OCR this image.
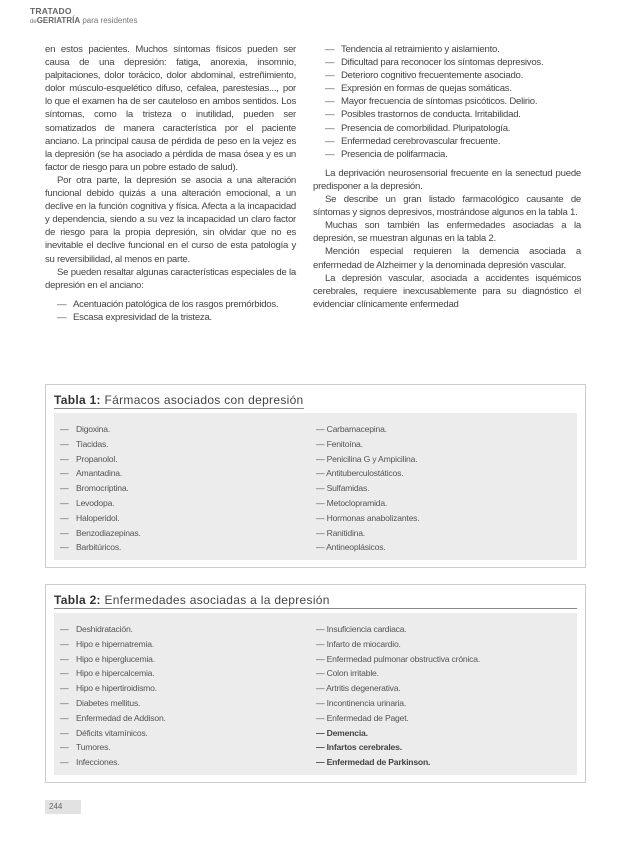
TRATADO
deGERIATRÍA para residentes

en estos pacientes. Muchos síntomas físicos pueden ser causa de una depresión: fatiga, anorexia, insomnio, palpitaciones, dolor torácico, dolor abdominal, estreñimiento, dolor músculo-esquelético difuso, cefalea, parestesias..., por lo que el examen ha de ser cauteloso en ambos sentidos. Los síntomas, como la tristeza o inutilidad, pueden ser somatizados de manera característica por el paciente anciano. La principal causa de pérdida de peso en la vejez es la depresión (se ha asociado a pérdida de masa ósea y es un factor de riesgo para un pobre estado de salud).

Por otra parte, la depresión se asocia a una alteración funcional debido quizás a una alteración emocional, a un declive en la función cognitiva y física. Afecta a la incapacidad y dependencia, siendo a su vez la incapacidad un claro factor de riesgo para la propia depresión, sin olvidar que no es inevitable el declive funcional en el curso de esta patología y su reversibilidad, al menos en parte.

Se pueden resaltar algunas características especiales de la depresión en el anciano:

— Acentuación patológica de los rasgos premórbidos.
— Escasa expresividad de la tristeza.
— Tendencia al retraimiento y aislamiento.
— Dificultad para reconocer los síntomas depresivos.
— Deterioro cognitivo frecuentemente asociado.
— Expresión en formas de quejas somáticas.
— Mayor frecuencia de síntomas psicóticos. Delirio.
— Posibles trastornos de conducta. Irritabilidad.
— Presencia de comorbilidad. Pluripatología.
— Enfermedad cerebrovascular frecuente.
— Presencia de polifarmacia.

La deprivación neurosensorial frecuente en la senectud puede predisponer a la depresión.

Se describe un gran listado farmacológico causante de síntomas y signos depresivos, mostrándose algunos en la tabla 1.

Muchas son también las enfermedades asociadas a la depresión, se muestran algunas en la tabla 2.

Mención especial requieren la demencia asociada a enfermedad de Alzheimer y la denominada depresión vascular.

La depresión vascular, asociada a accidentes isquémicos cerebrales, requiere inexcusablemente para su diagnóstico el evidenciar clínicamente enfermedad

Tabla 1: Fármacos asociados con depresión
— Digoxina.
— Tiacidas.
— Propanolol.
— Amantadina.
— Bromocriptina.
— Levodopa.
— Haloperidol.
— Benzodiazepinas.
— Barbitúricos.
— Carbamacepina.
— Fenitoína.
— Penicilina G y Ampicilina.
— Antituberculostáticos.
— Sulfamidas.
— Metoclopramida.
— Hormonas anabolizantes.
— Ranitidina.
— Antineoplásicos.
Tabla 2: Enfermedades asociadas a la depresión
— Deshidratación.
— Hipo e hipernatremia.
— Hipo e hiperglucemia.
— Hipo e hipercalcemia.
— Hipo e hipertiroidismo.
— Diabetes mellitus.
— Enfermedad de Addison.
— Déficits vitamínicos.
— Tumores.
— Infecciones.
— Insuficiencia cardiaca.
— Infarto de miocardio.
— Enfermedad pulmonar obstructiva crónica.
— Colon irritable.
— Artritis degenerativa.
— Incontinencia urinaria.
— Enfermedad de Paget.
— Demencia.
— Infartos cerebrales.
— Enfermedad de Parkinson.
244
